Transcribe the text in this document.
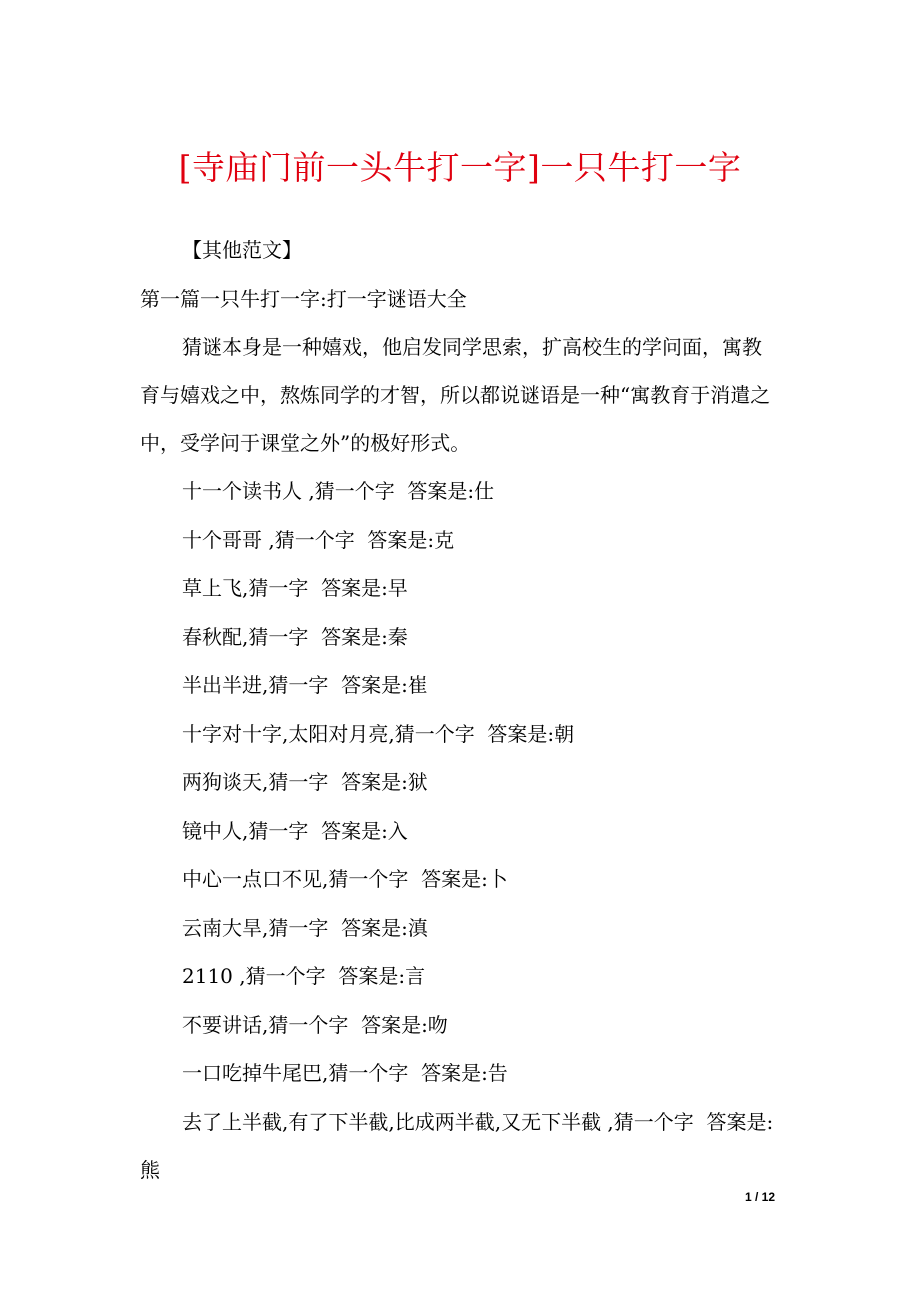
[寺庙门前一头牛打一字]一只牛打一字

【其他范文】

第一篇一只牛打一字:打一字谜语大全

猜谜本身是一种嬉戏，他启发同学思索，扩高校生的学问面，寓教育与嬉戏之中，熬炼同学的才智，所以都说谜语是一种“寓教育于消遣之中，受学问于课堂之外”的极好形式。

十一个读书人 ,猜一个字  答案是:仕

十个哥哥 ,猜一个字  答案是:克

草上飞,猜一字  答案是:早

春秋配,猜一字  答案是:秦

半出半进,猜一字  答案是:崔

十字对十字,太阳对月亮,猜一个字  答案是:朝

两狗谈天,猜一字  答案是:狱

镜中人,猜一字  答案是:入

中心一点口不见,猜一个字  答案是:卜

云南大旱,猜一字  答案是:滇

2110 ,猜一个字  答案是:言

不要讲话,猜一个字  答案是:吻

一口吃掉牛尾巴,猜一个字  答案是:告

去了上半截,有了下半截,比成两半截,又无下半截 ,猜一个字  答案是:熊

1 / 12
